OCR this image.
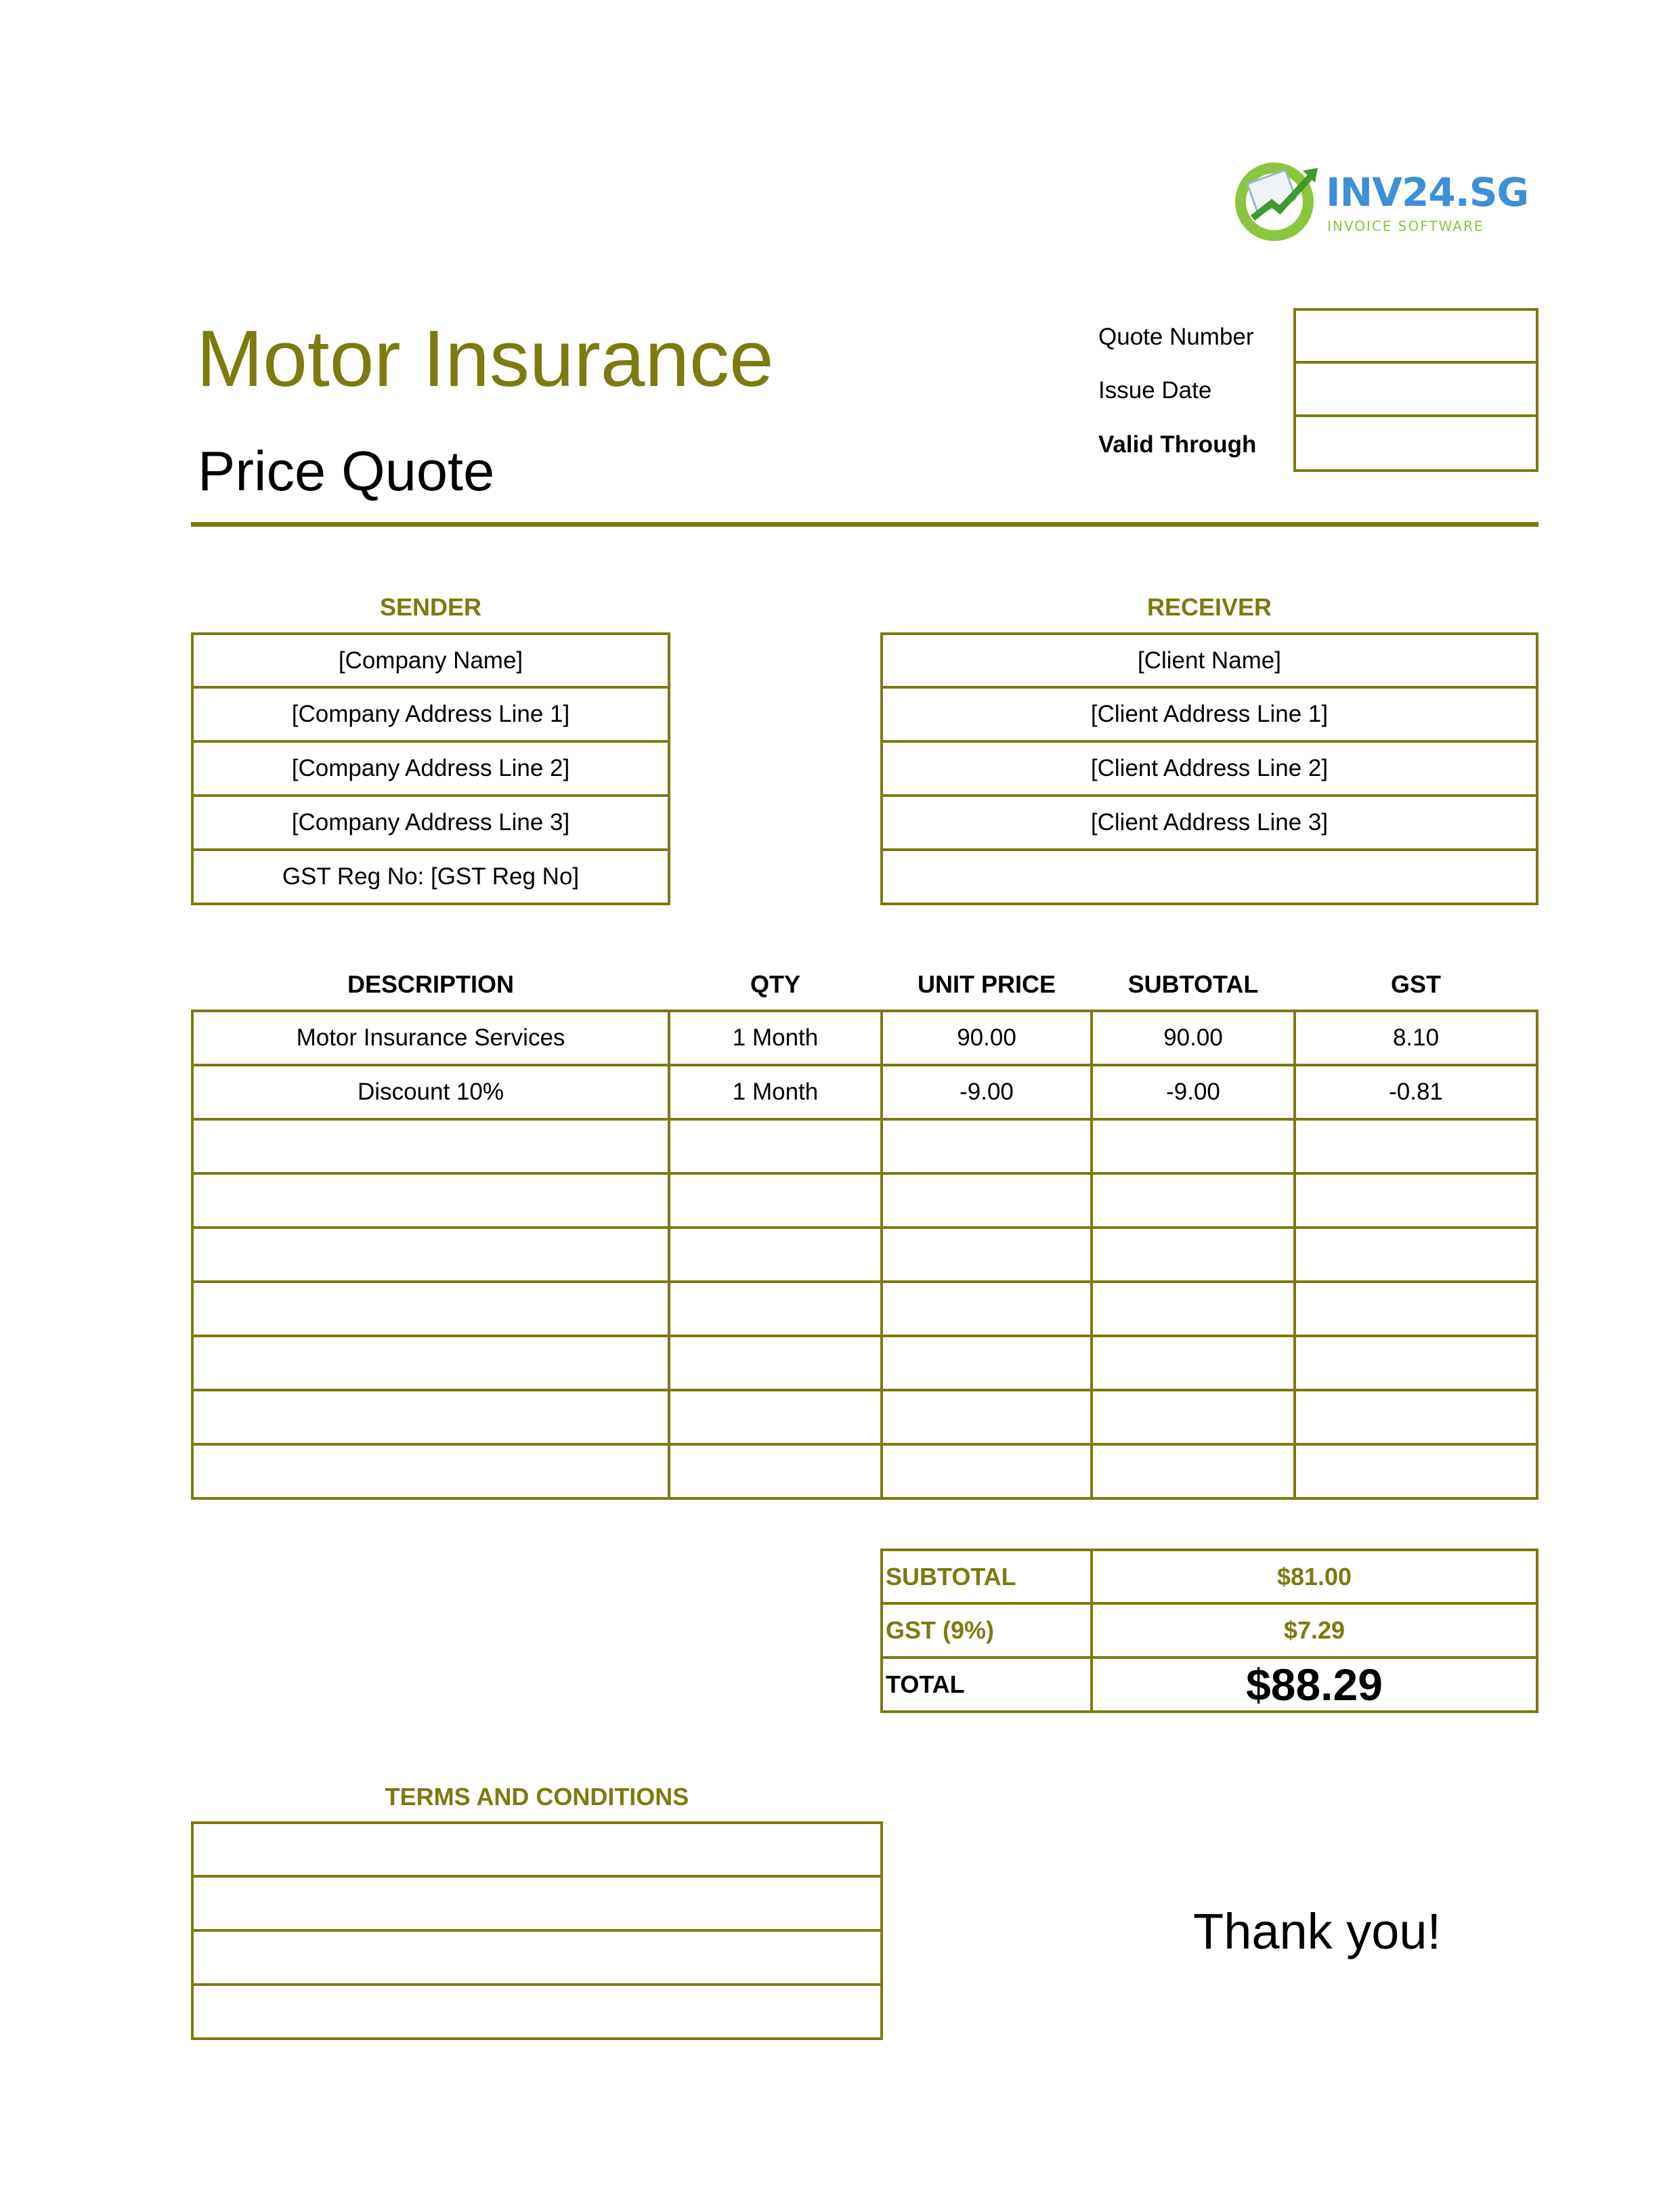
INV24.SG
INVOICE SOFTWARE
Motor Insurance
Price Quote
Quote Number
Issue Date
Valid Through
SENDER	RECEIVER
[Company Name]
[Company Address Line 1]
[Company Address Line 2]
[Company Address Line 3]
GST Reg No: [GST Reg No]
[Client Name]
[Client Address Line 1]
[Client Address Line 2]
[Client Address Line 3]
DESCRIPTION	QTY	UNIT PRICE	SUBTOTAL	GST
Motor Insurance Services	1 Month	90.00	90.00	8.10
Discount 10%	1 Month	-9.00	-9.00	-0.81
SUBTOTAL	$81.00
GST (9%)	$7.29
TOTAL	$88.29
TERMS AND CONDITIONS
Thank you!
